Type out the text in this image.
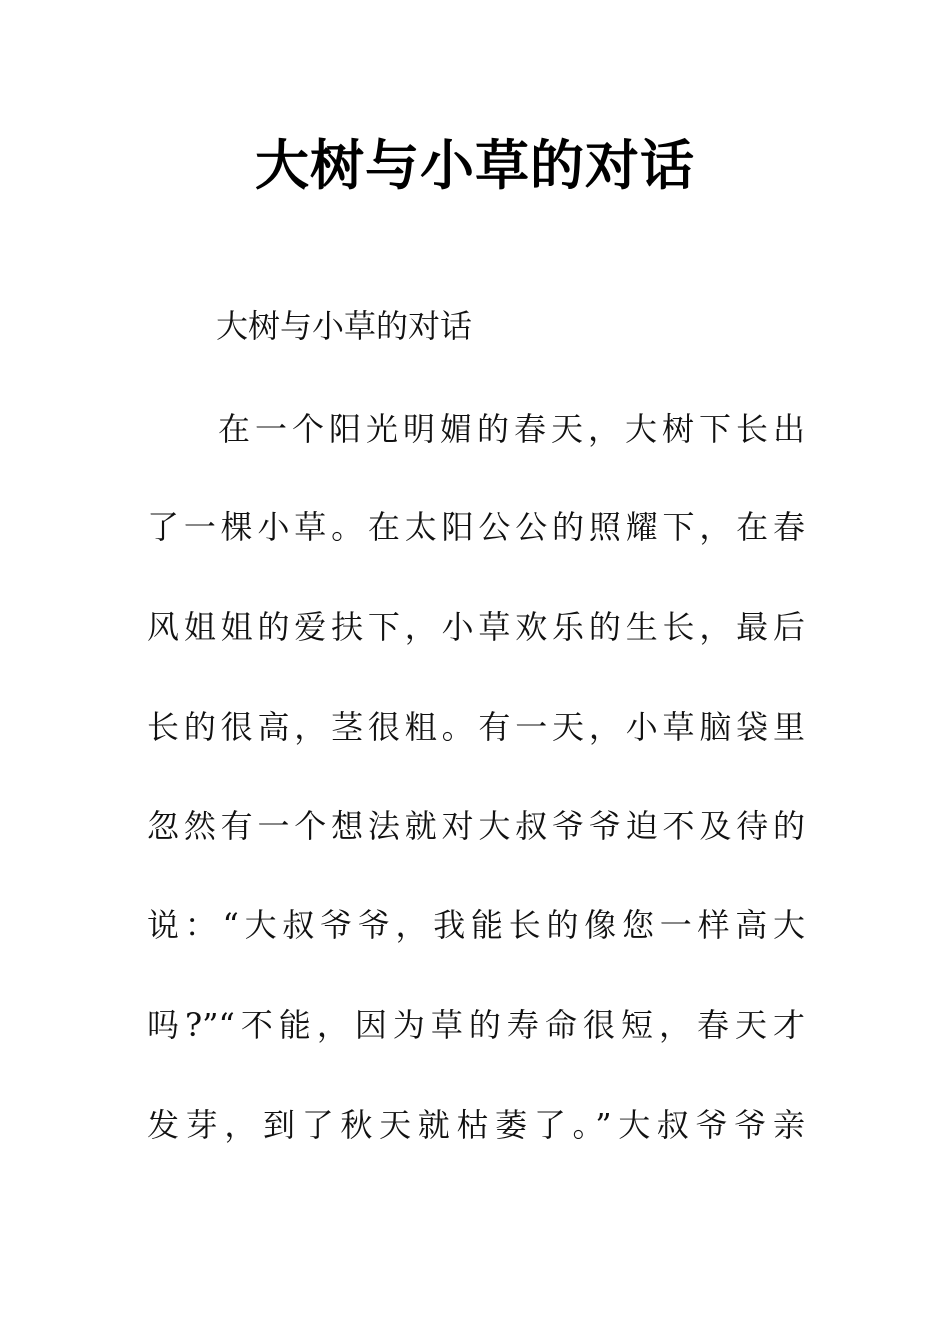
大树与小草的对话
大树与小草的对话
在一个阳光明媚的春天，大树下长出
了一棵小草。在太阳公公的照耀下，在春
风姐姐的爱扶下，小草欢乐的生长，最后
长的很高，茎很粗。有一天，小草脑袋里
忽然有一个想法就对大叔爷爷迫不及待的
说：“大叔爷爷，我能长的像您一样高大
吗?”“不能，因为草的寿命很短，春天才
发芽，到了秋天就枯萎了。”大叔爷爷亲
